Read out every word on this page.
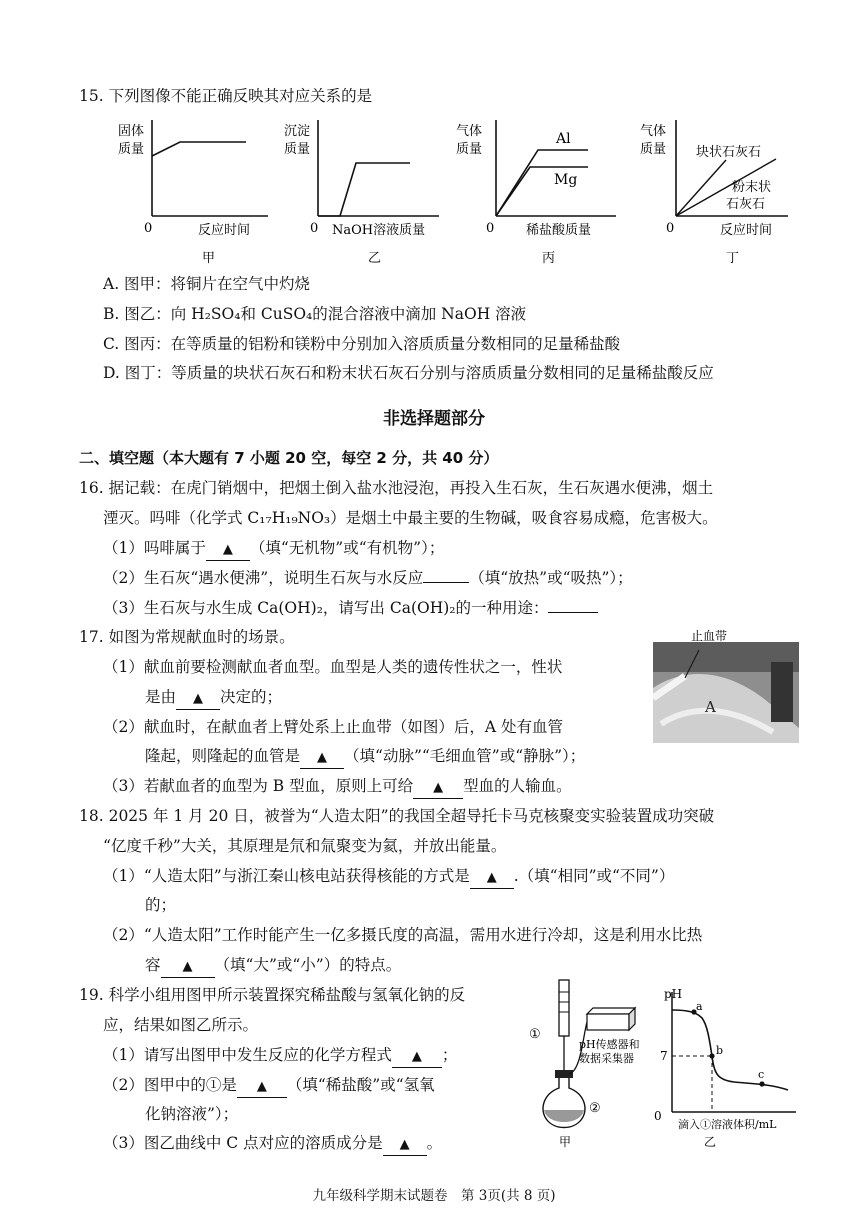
15. 下列图像不能正确反映其对应关系的是
固体
质量
0	反应时间
甲
沉淀
质量
0 NaOH溶液质量
乙
气体
质量
Al
Mg
0 稀盐酸质量
丙
气体
质量 块状石灰石
粉末状
石灰石
0	反应时间
丁
A. 图甲：将铜片在空气中灼烧
B. 图乙：向 H₂SO₄和 CuSO₄的混合溶液中滴加 NaOH 溶液
C. 图丙：在等质量的铝粉和镁粉中分别加入溶质质量分数相同的足量稀盐酸
D. 图丁：等质量的块状石灰石和粉末状石灰石分别与溶质质量分数相同的足量稀盐酸反应
非选择题部分
二、填空题（本大题有 7 小题 20 空，每空 2 分，共 40 分）
16. 据记载：在虎门销烟中，把烟土倒入盐水池浸泡，再投入生石灰，生石灰遇水便沸，烟土
湮灭。吗啡（化学式 C₁₇H₁₉NO₃）是烟土中最主要的生物碱，吸食容易成瘾，危害极大。
（1）吗啡属于 ▲ （填“无机物”或“有机物”）；
（2）生石灰“遇水便沸”，说明生石灰与水反应	（填“放热”或“吸热”）；
（3）生石灰与水生成 Ca(OH)₂，请写出 Ca(OH)₂的一种用途：
17. 如图为常规献血时的场景。
（1）献血前要检测献血者血型。血型是人类的遗传性状之一，性状
是由 ▲ 决定的；
（2）献血时，在献血者上臂处系上止血带（如图）后，A 处有血管
隆起，则隆起的血管是 ▲ （填“动脉”“毛细血管”或“静脉”）；
（3）若献血者的血型为 B 型血，原则上可给 ▲ 型血的人输血。
止血带
A
18. 2025 年 1 月 20 日，被誉为“人造太阳”的我国全超导托卡马克核聚变实验装置成功突破
“亿度千秒”大关，其原理是氘和氚聚变为氦，并放出能量。
（1）“人造太阳”与浙江秦山核电站获得核能的方式是 ▲ .（填“相同”或“不同”）
的；
（2）“人造太阳”工作时能产生一亿多摄氏度的高温，需用水进行冷却，这是利用水比热
容 ▲ （填“大”或“小”）的特点。
19. 科学小组用图甲所示装置探究稀盐酸与氢氧化钠的反
应，结果如图乙所示。
（1）请写出图甲中发生反应的化学方程式 ▲ ；
（2）图甲中的①是 ▲ （填“稀盐酸”或“氢氧
化钠溶液”）；
（3）图乙曲线中 C 点对应的溶质成分是 ▲ 。
①
②
pH传感器和
数据采集器
甲
pH
7
0
a
b
c
滴入①溶液体积/mL
乙
九年级科学期末试题卷　第 3页(共 8 页)
